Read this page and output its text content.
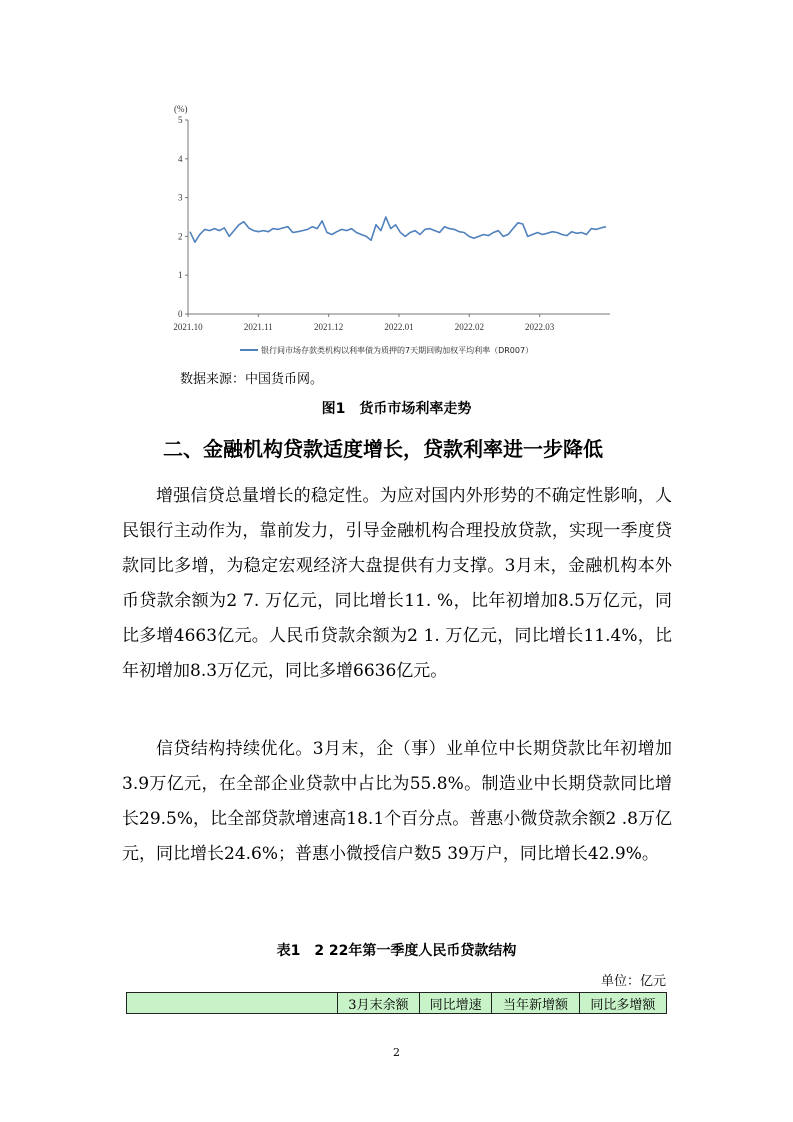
(%)
0
1
2
3
4
5
2021.10	2021.11	2021.12	2022.01	2022.02	2022.03
银行间市场存款类机构以利率债为质押的7天期回购加权平均利率（DR007）
数据来源：中国货币网。
图1　货币市场利率走势
二、金融机构贷款适度增长，贷款利率进一步降低

增强信贷总量增长的稳定性。为应对国内外形势的不确定性影响，人民银行主动作为，靠前发力，引导金融机构合理投放贷款，实现一季度贷款同比多增，为稳定宏观经济大盘提供有力支撑。3月末，金融机构本外币贷款余额为2 7. 万亿元，同比增长11. %，比年初增加8.5万亿元，同比多增4663亿元。人民币贷款余额为2 1. 万亿元，同比增长11.4%，比年初增加8.3万亿元，同比多增6636亿元。

信贷结构持续优化。3月末，企（事）业单位中长期贷款比年初增加3.9万亿元，在全部企业贷款中占比为55.8%。制造业中长期贷款同比增长29.5%，比全部贷款增速高18.1个百分点。普惠小微贷款余额2 .8万亿元，同比增长24.6%；普惠小微授信户数5 39万户，同比增长42.9%。

表1　2 22年第一季度人民币贷款结构
单位：亿元
	3月末余额	同比增速	当年新增额	同比多增额
2
